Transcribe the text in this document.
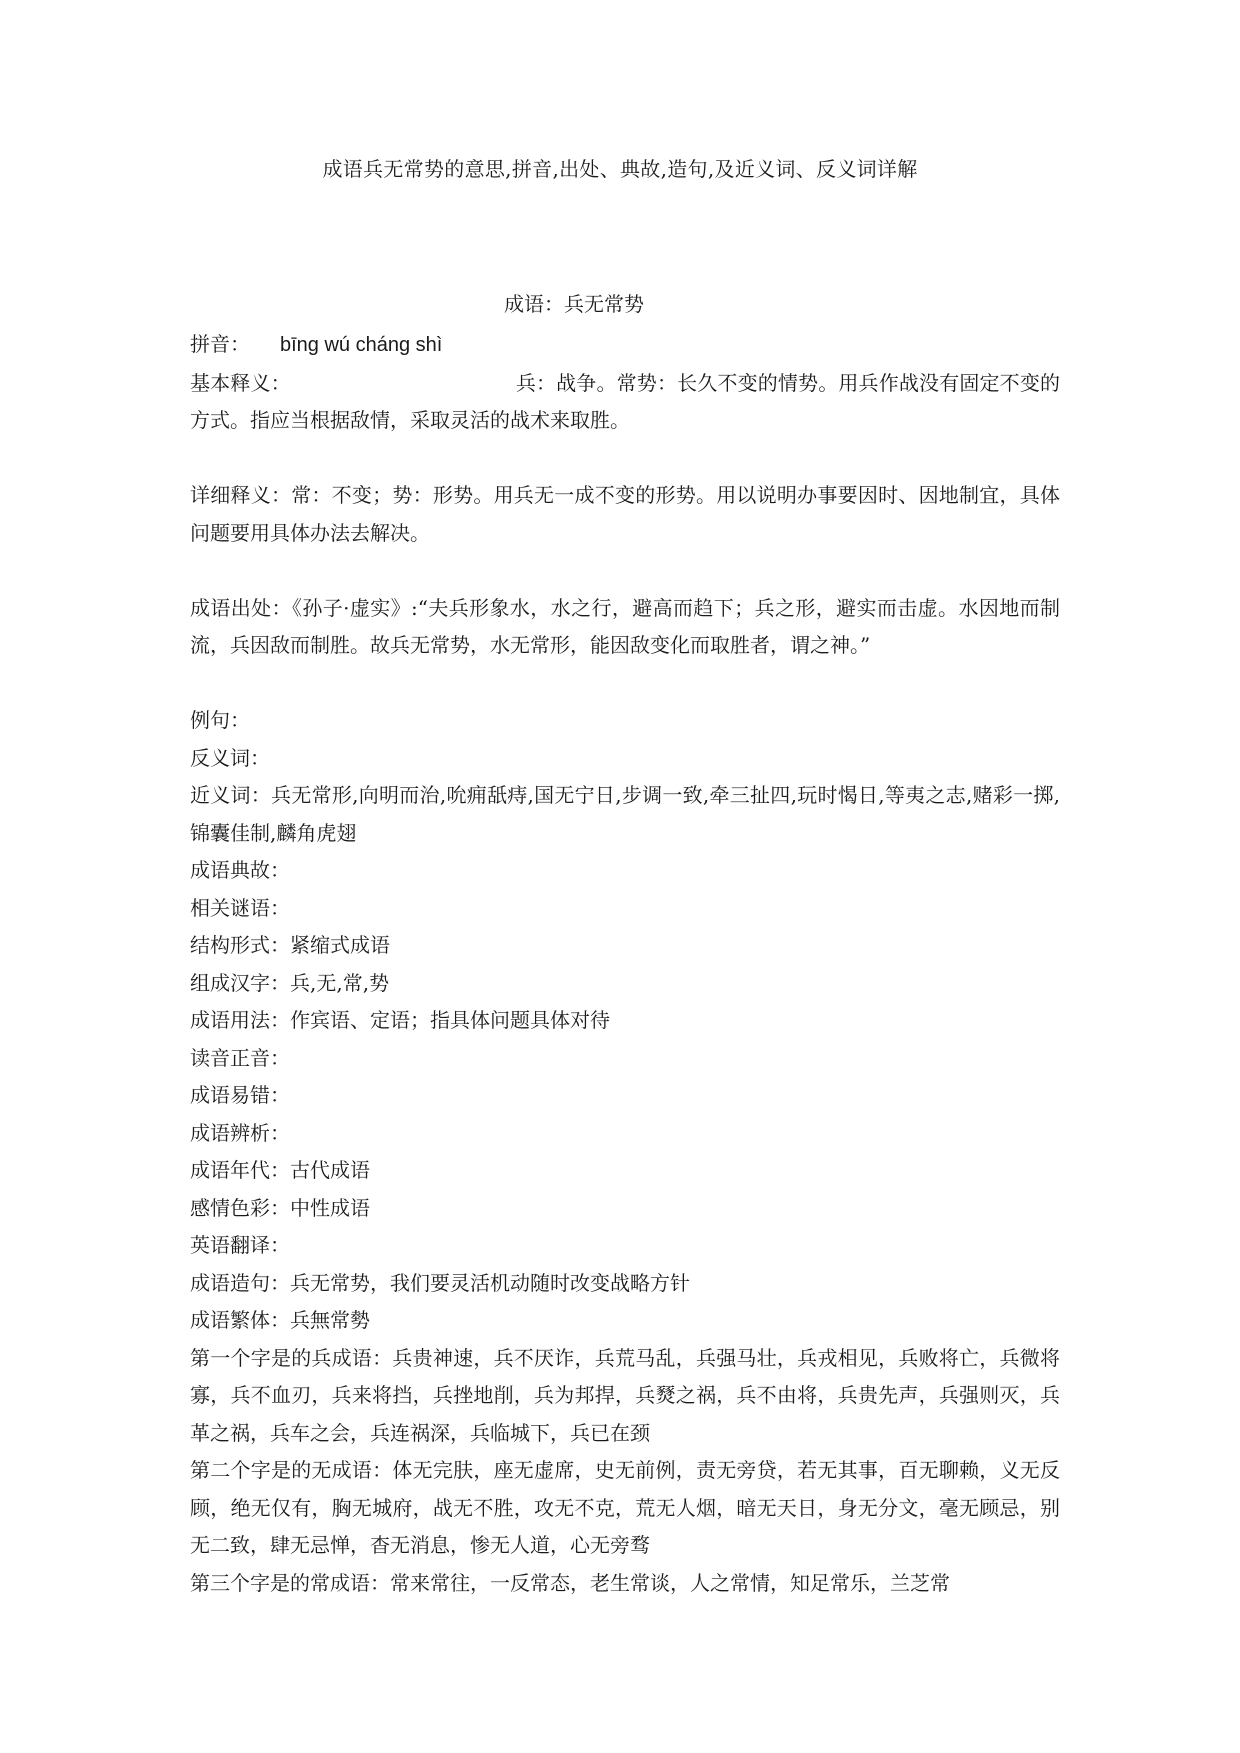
成语兵无常势的意思,拼音,出处、典故,造句,及近义词、反义词详解
成语：兵无常势

拼音： bīng wú cháng shì

基本释义：	兵：战争。常势：长久不变的情势。用兵作战没有固定不变的方式。指应当根据敌情，采取灵活的战术来取胜。

详细释义：常：不变；势：形势。用兵无一成不变的形势。用以说明办事要因时、因地制宜，具体问题要用具体办法去解决。

成语出处：《孙子·虚实》:“夫兵形象水，水之行，避高而趋下；兵之形，避实而击虚。水因地而制流，兵因敌而制胜。故兵无常势，水无常形，能因敌变化而取胜者，谓之神。”

例句：

反义词：

近义词：兵无常形,向明而治,吮痈舐痔,国无宁日,步调一致,牵三扯四,玩时愒日,等夷之志,赌彩一掷,锦囊佳制,麟角虎翅

成语典故：

相关谜语：

结构形式：紧缩式成语

组成汉字：兵,无,常,势

成语用法：作宾语、定语；指具体问题具体对待

读音正音：

成语易错：

成语辨析：

成语年代：古代成语

感情色彩：中性成语

英语翻译：

成语造句：兵无常势，我们要灵活机动随时改变战略方针

成语繁体：兵無常勢

第一个字是的兵成语：兵贵神速，兵不厌诈，兵荒马乱，兵强马壮，兵戎相见，兵败将亡，兵微将寡，兵不血刃，兵来将挡，兵挫地削，兵为邦捍，兵燹之祸，兵不由将，兵贵先声，兵强则灭，兵革之祸，兵车之会，兵连祸深，兵临城下，兵已在颈

第二个字是的无成语：体无完肤，座无虚席，史无前例，责无旁贷，若无其事，百无聊赖，义无反顾，绝无仅有，胸无城府，战无不胜，攻无不克，荒无人烟，暗无天日，身无分文，毫无顾忌，别无二致，肆无忌惮，杳无消息，惨无人道，心无旁骛

第三个字是的常成语：常来常往，一反常态，老生常谈，人之常情，知足常乐，兰芝常
